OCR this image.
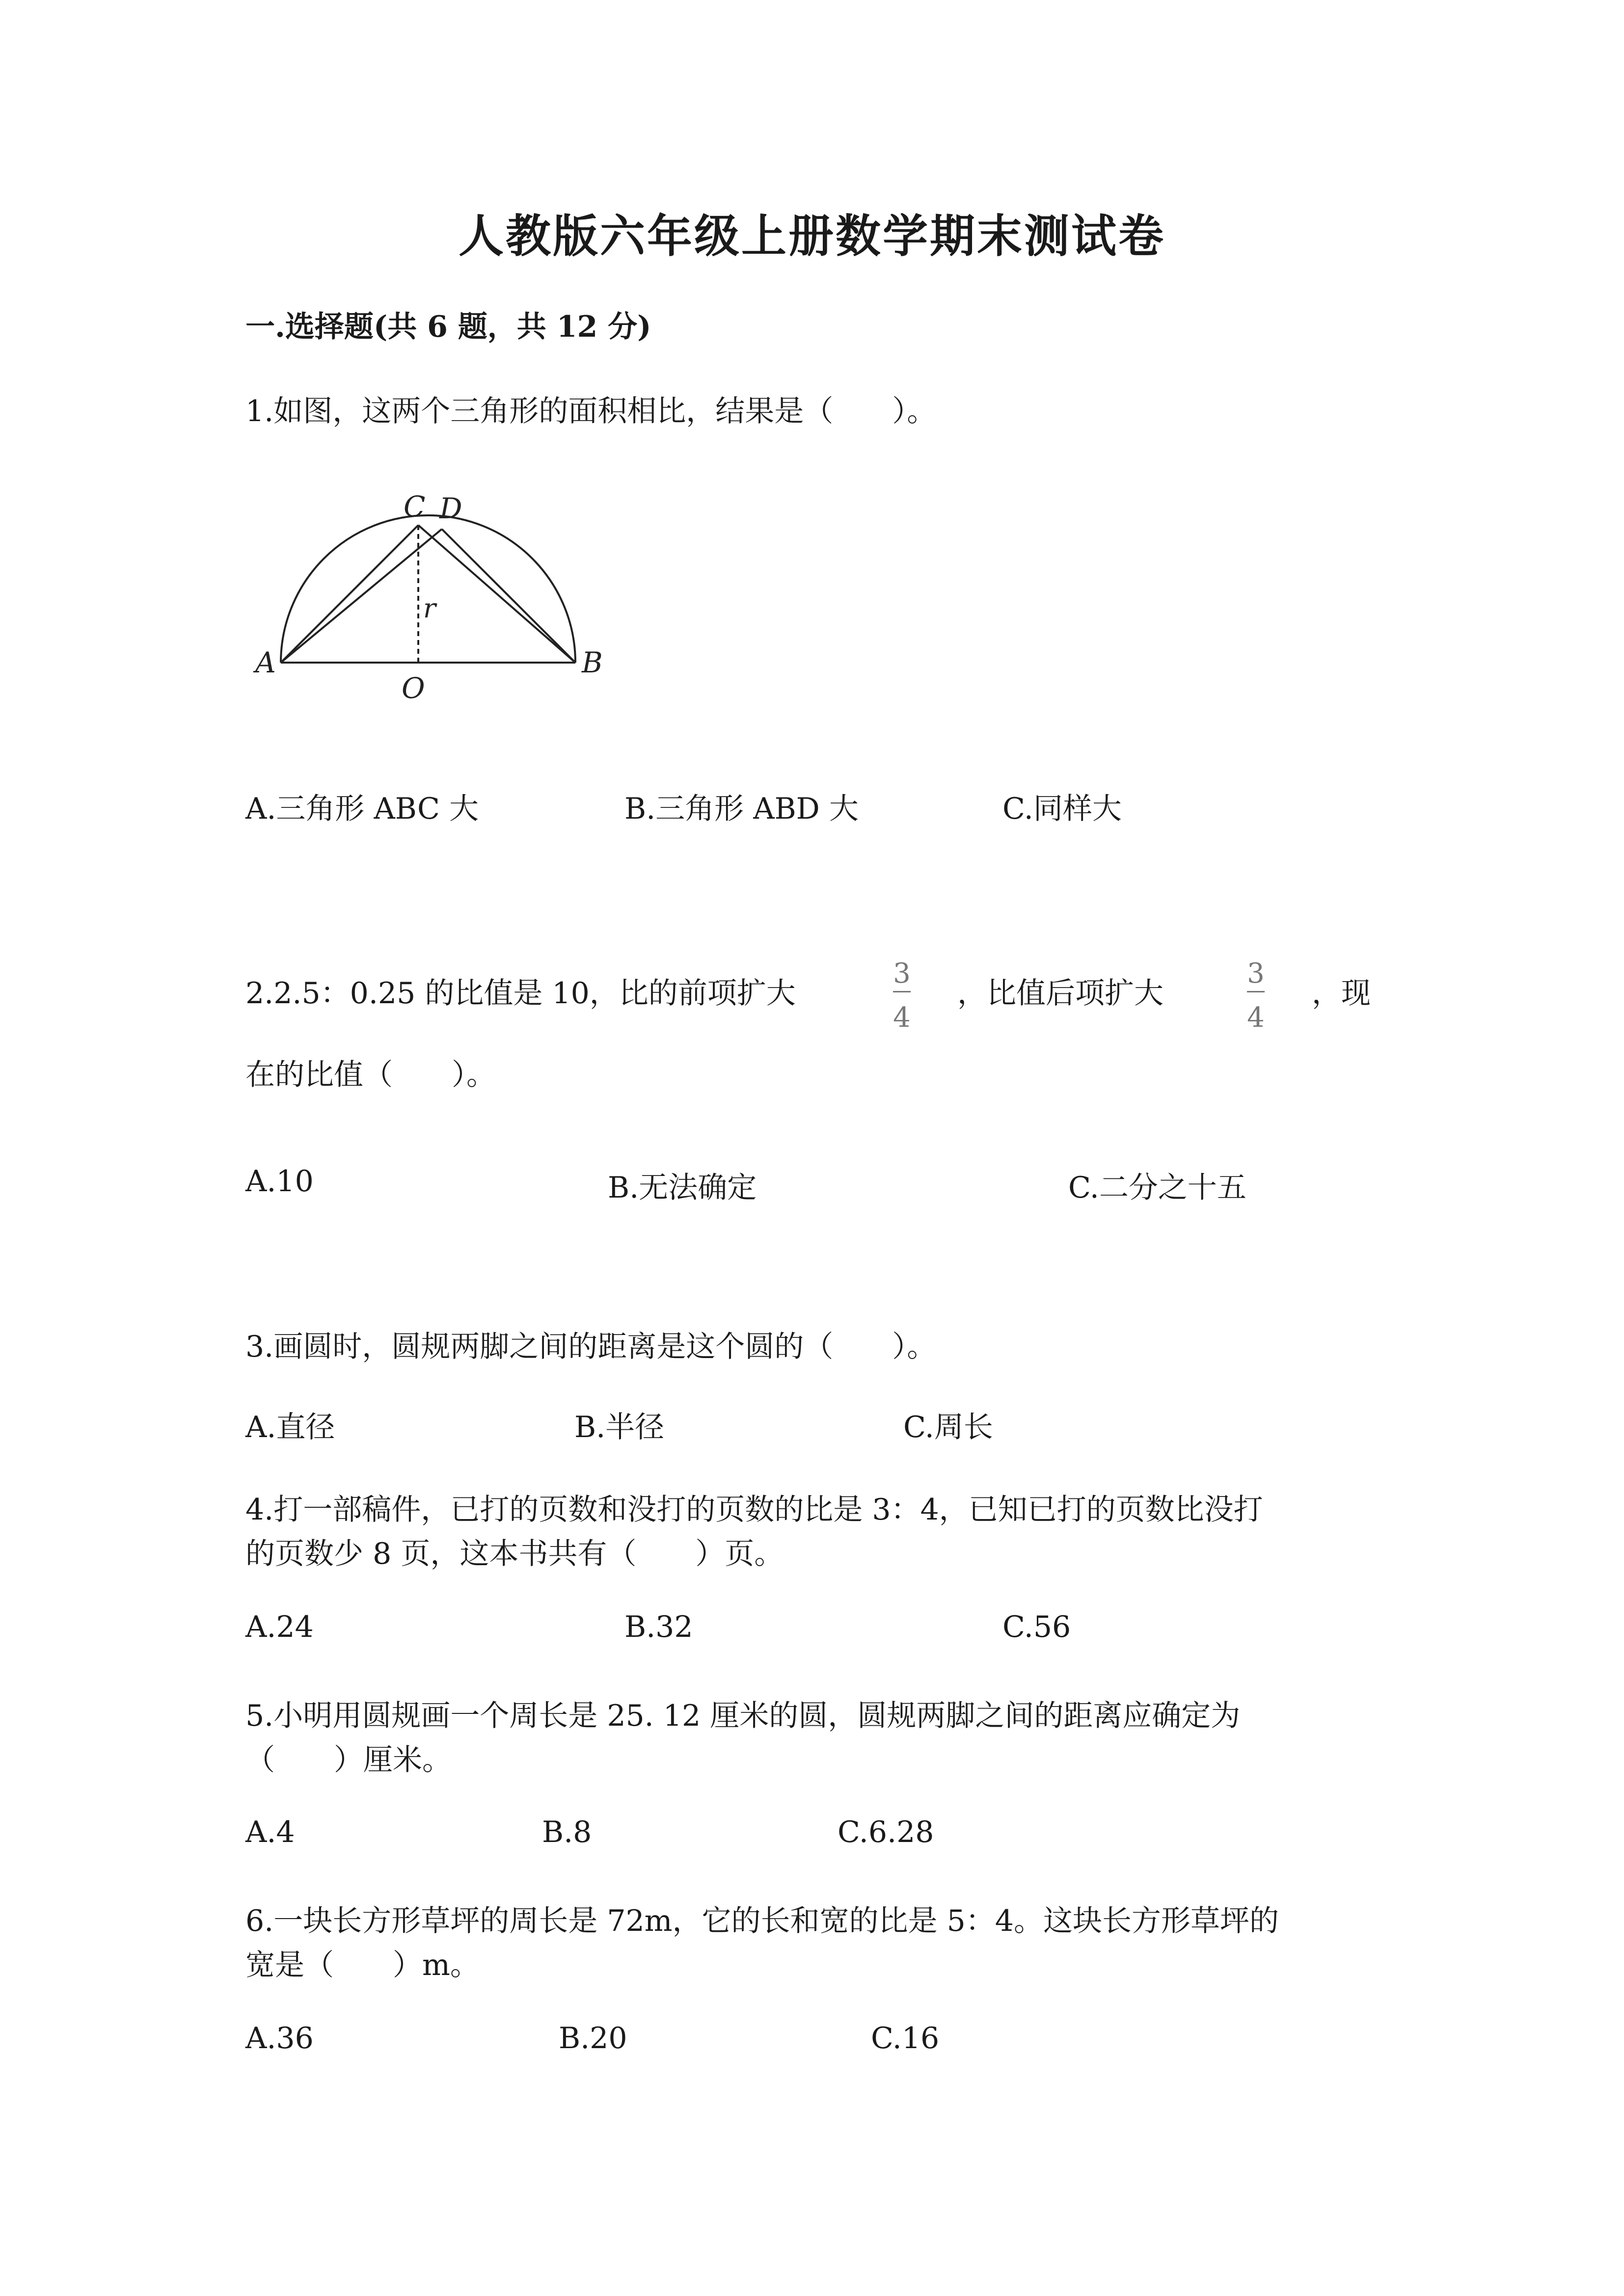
人教版六年级上册数学期末测试卷
一.选择题(共 6 题，共 12 分)
1.如图，这两个三角形的面积相比，结果是（　　）。
A	B
C D
O
r
A.三角形 ABC 大	B.三角形 ABD 大	C.同样大
2.2.5：0.25 的比值是 10，比的前项扩大
3
4
，比值后项扩大
3
4
，现
在的比值（　　）。
A.10	B.无法确定	C.二分之十五
3.画圆时，圆规两脚之间的距离是这个圆的（　　）。
A.直径	B.半径	C.周长
4.打一部稿件，已打的页数和没打的页数的比是 3：4，已知已打的页数比没打
的页数少 8 页，这本书共有（　　）页。
A.24	B.32	C.56
5.小明用圆规画一个周长是 25. 12 厘米的圆，圆规两脚之间的距离应确定为
（　　）厘米。
A.4	B.8	C.6.28
6.一块长方形草坪的周长是 72m，它的长和宽的比是 5：4。这块长方形草坪的
宽是（　　）m。
A.36	B.20	C.16
